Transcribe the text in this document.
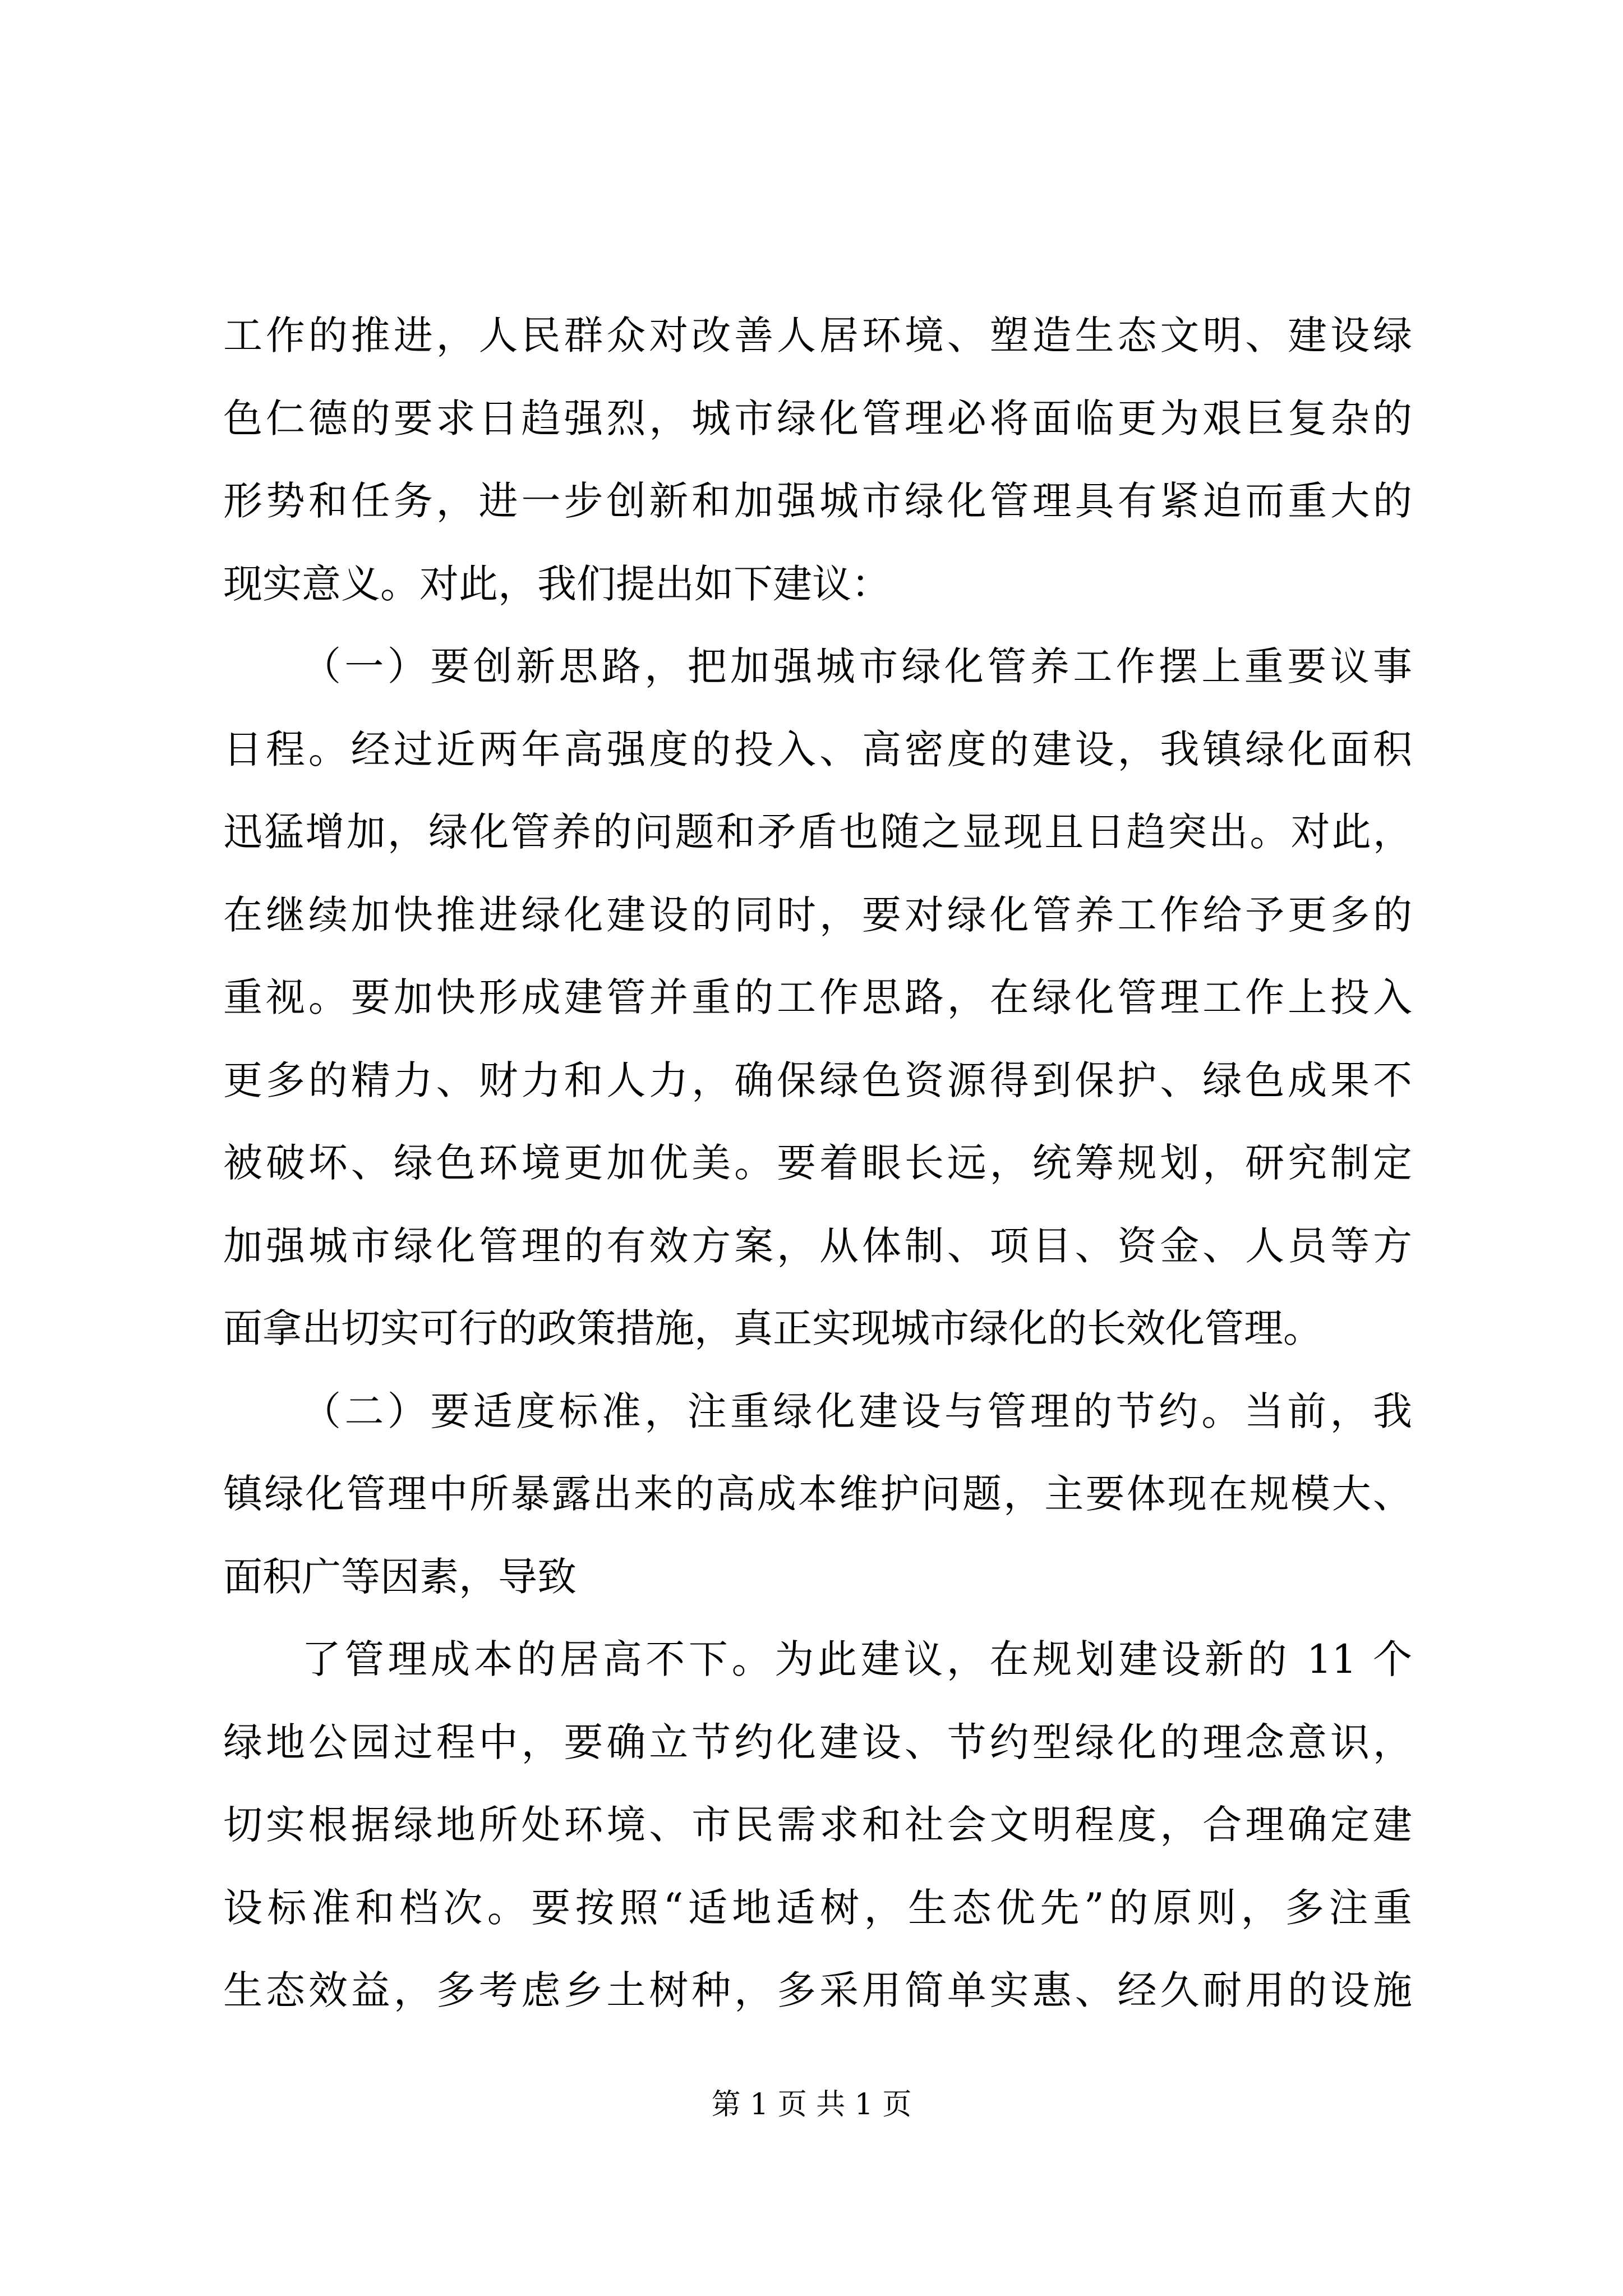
工作的推进，人民群众对改善人居环境、塑造生态文明、建设绿
色仁德的要求日趋强烈，城市绿化管理必将面临更为艰巨复杂的
形势和任务，进一步创新和加强城市绿化管理具有紧迫而重大的
现实意义。对此，我们提出如下建议：
（一）要创新思路，把加强城市绿化管养工作摆上重要议事
日程。经过近两年高强度的投入、高密度的建设，我镇绿化面积
迅猛增加，绿化管养的问题和矛盾也随之显现且日趋突出。对此，
在继续加快推进绿化建设的同时，要对绿化管养工作给予更多的
重视。要加快形成建管并重的工作思路，在绿化管理工作上投入
更多的精力、财力和人力，确保绿色资源得到保护、绿色成果不
被破坏、绿色环境更加优美。要着眼长远，统筹规划，研究制定
加强城市绿化管理的有效方案，从体制、项目、资金、人员等方
面拿出切实可行的政策措施，真正实现城市绿化的长效化管理。
（二）要适度标准，注重绿化建设与管理的节约。当前，我
镇绿化管理中所暴露出来的高成本维护问题，主要体现在规模大、
面积广等因素，导致
了管理成本的居高不下。为此建议，在规划建设新的 11 个
绿地公园过程中，要确立节约化建设、节约型绿化的理念意识，
切实根据绿地所处环境、市民需求和社会文明程度，合理确定建
设标准和档次。要按照“适地适树，生态优先”的原则，多注重
生态效益，多考虑乡土树种，多采用简单实惠、经久耐用的设施
第 1 页 共 1 页
